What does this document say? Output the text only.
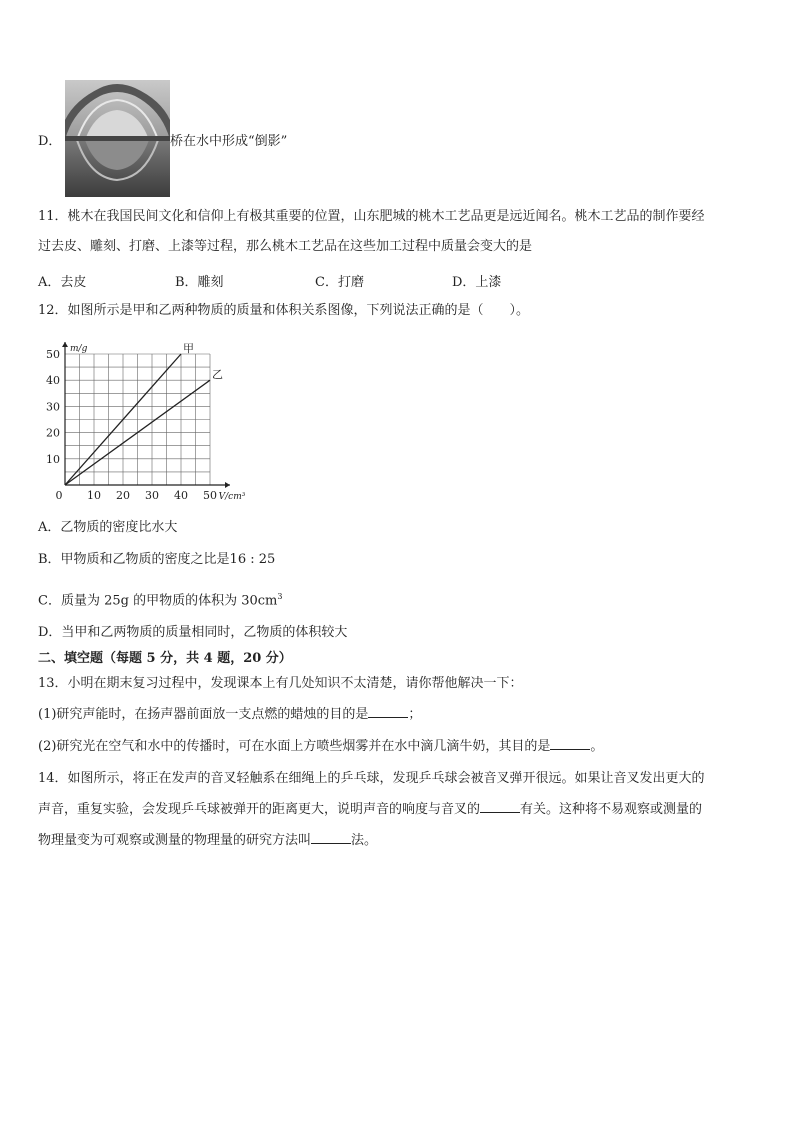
D．	桥在水中形成“倒影”
11．桃木在我国民间文化和信仰上有极其重要的位置，山东肥城的桃木工艺品更是远近闻名。桃木工艺品的制作要经
过去皮、雕刻、打磨、上漆等过程，那么桃木工艺品在这些加工过程中质量会变大的是
A．去皮	B．雕刻	C．打磨	D．上漆
12．如图所示是甲和乙两种物质的质量和体积关系图像，下列说法正确的是（　　）。
0 10 20 30 40 50
10
20
30
40
50 m/g
V/cm³
甲
乙
A．乙物质的密度比水大
B．甲物质和乙物质的密度之比是16 : 25
C．质量为 25g 的甲物质的体积为 $30cm^3$
D．当甲和乙两物质的质量相同时，乙物质的体积较大
二、填空题（每题 5 分，共 4 题，20 分）
13．小明在期末复习过程中，发现课本上有几处知识不太清楚，请你帮他解决一下：
(1)研究声能时，在扬声器前面放一支点燃的蜡烛的目的是	；
(2)研究光在空气和水中的传播时，可在水面上方喷些烟雾并在水中滴几滴牛奶，其目的是	。
14．如图所示，将正在发声的音叉轻触系在细绳上的乒乓球，发现乒乓球会被音叉弹开很远。如果让音叉发出更大的
声音，重复实验，会发现乒乓球被弹开的距离更大，说明声音的响度与音叉的	有关。这种将不易观察或测量的
物理量变为可观察或测量的物理量的研究方法叫	法。
